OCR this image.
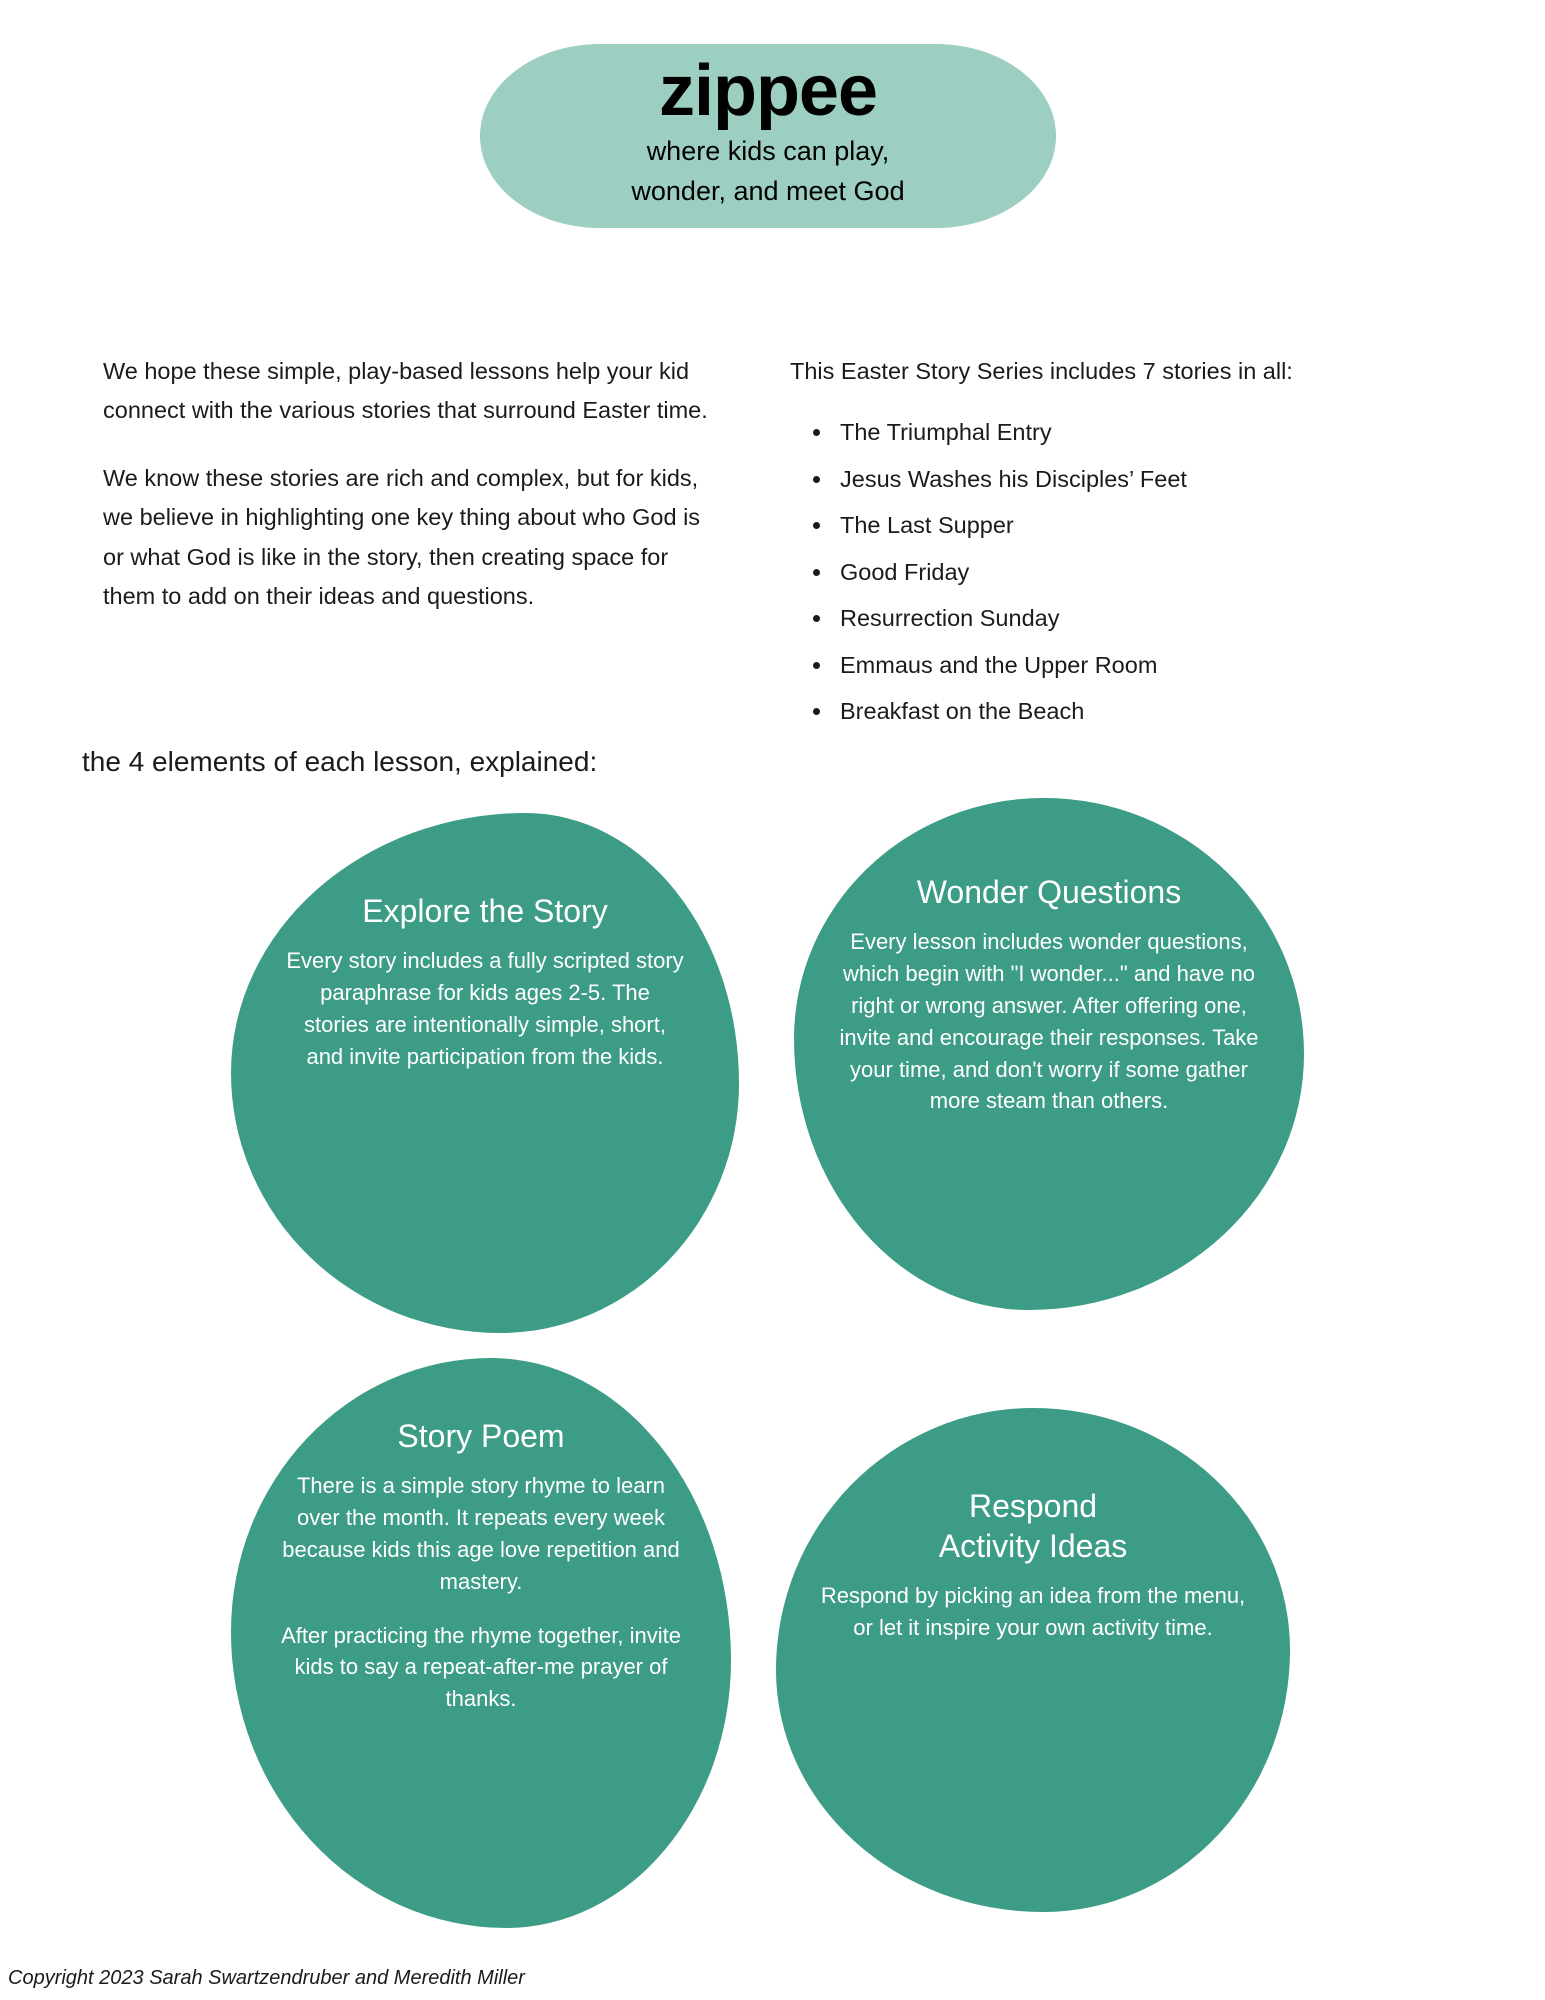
zippee
where kids can play,
wonder, and meet God

We hope these simple, play-based lessons help your kid connect with the various stories that surround Easter time.

We know these stories are rich and complex, but for kids, we believe in highlighting one key thing about who God is or what God is like in the story, then creating space for them to add on their ideas and questions.

This Easter Story Series includes 7 stories in all:

• The Triumphal Entry
• Jesus Washes his Disciples’ Feet
• The Last Supper
• Good Friday
• Resurrection Sunday
• Emmaus and the Upper Room
• Breakfast on the Beach
the 4 elements of each lesson, explained:
Explore the Story

Every story includes a fully scripted story paraphrase for kids ages 2-5. The stories are intentionally simple, short, and invite participation from the kids.

Wonder Questions

Every lesson includes wonder questions, which begin with "I wonder..." and have no right or wrong answer. After offering one, invite and encourage their responses. Take your time, and don't worry if some gather more steam than others.

Story Poem

There is a simple story rhyme to learn over the month. It repeats every week because kids this age love repetition and mastery.

After practicing the rhyme together, invite kids to say a repeat-after-me prayer of thanks.

Respond
Activity Ideas

Respond by picking an idea from the menu, or let it inspire your own activity time.

Copyright 2023 Sarah Swartzendruber and Meredith Miller
